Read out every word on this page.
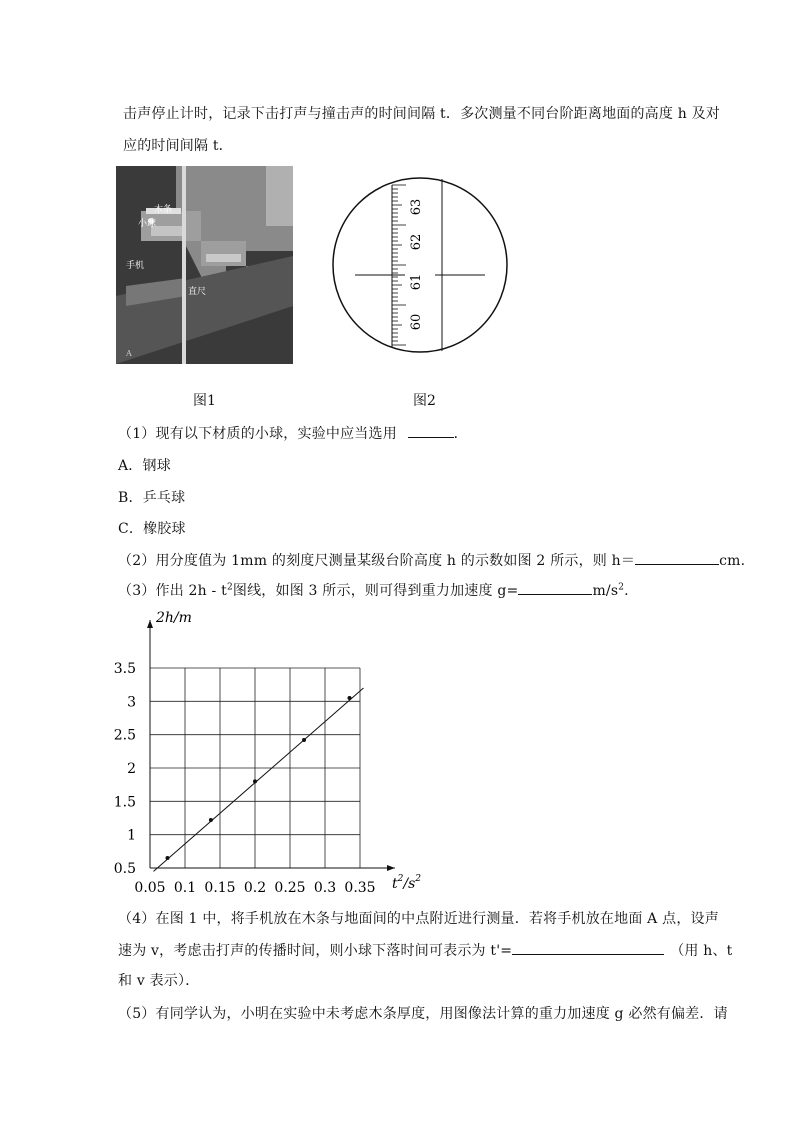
击声停止计时，记录下击打声与撞击声的时间间隔 t．多次测量不同台阶距离地面的高度 h 及对
应的时间间隔 t．
木条
小球
手机
直尺
A
图1
63
62
61
60
图2
（1）现有以下材质的小球，实验中应当选用	．
A．钢球
B．乒乓球
C．橡胶球
（2）用分度值为 1mm 的刻度尺测量某级台阶高度 h 的示数如图 2 所示，则 h＝	cm.
（3）作出 $2h - t^2$图线，如图 3 所示，则可得到重力加速度 g=	$m/s^2$.
0.05 0.1 0.15 0.2 0.25 0.3 0.35
0.5
1
1.5
2
2.5
3
3.5
2h/m
$t^2/s^2$
（4）在图 1 中，将手机放在木条与地面间的中点附近进行测量．若将手机放在地面 A 点，设声
速为 v，考虑击打声的传播时间，则小球下落时间可表示为 t'=	（用 h、t
和 v 表示）．
（5）有同学认为，小明在实验中未考虑木条厚度，用图像法计算的重力加速度 g 必然有偏差．请
